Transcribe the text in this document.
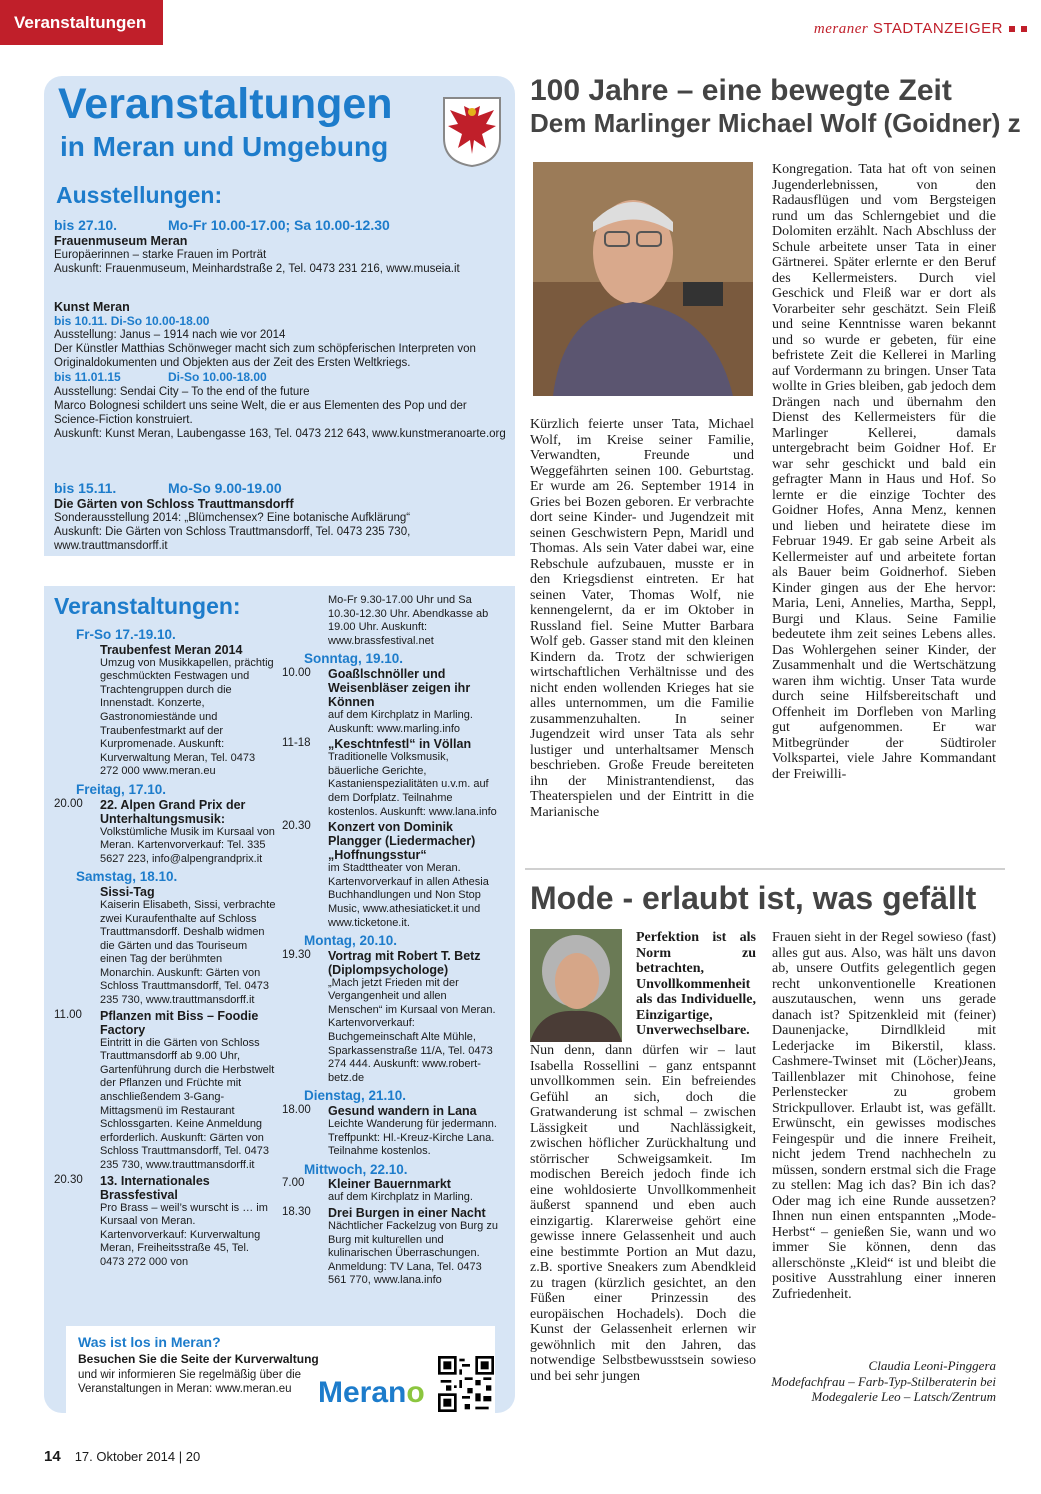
Veranstaltungen	meraner STADTANZEIGER
Veranstaltungen
in Meran und Umgebung
Ausstellungen:
bis 27.10.	Mo-Fr 10.00-17.00; Sa 10.00-12.30
Frauenmuseum Meran
Europäerinnen – starke Frauen im Porträt
Auskunft: Frauenmuseum, Meinhardstraße 2, Tel. 0473 231 216, www.museia.it
Kunst Meran
bis 10.11. Di-So 10.00-18.00
Ausstellung: Janus – 1914 nach wie vor 2014
Der Künstler Matthias Schönweger macht sich zum schöpferischen Interpreten von Originaldokumenten und Objekten aus der Zeit des Ersten Weltkriegs.
bis 11.01.15	Di-So 10.00-18.00
Ausstellung: Sendai City – To the end of the future
Marco Bolognesi schildert uns seine Welt, die er aus Elementen des Pop und der Science-Fiction konstruiert.
Auskunft: Kunst Meran, Laubengasse 163, Tel. 0473 212 643, www.kunstmeranoarte.org
bis 15.11.	Mo-So 9.00-19.00
Die Gärten von Schloss Trauttmansdorff
Sonderausstellung 2014: „Blümchensex? Eine botanische Aufklärung“
Auskunft: Die Gärten von Schloss Trauttmansdorff, Tel. 0473 235 730, www.trauttmansdorff.it
Veranstaltungen:
Fr-So 17.-19.10.
Traubenfest Meran 2014
Umzug von Musikkapellen, prächtig geschmückten Festwagen und Trachtengruppen durch die Innenstadt. Konzerte, Gastronomiestände und Traubenfestmarkt auf der Kurpromenade. Auskunft: Kurverwaltung Meran, Tel. 0473 272 000 www.meran.eu
Freitag, 17.10.
20.00 22. Alpen Grand Prix der Unterhaltungsmusik:
Volkstümliche Musik im Kursaal von Meran. Kartenvorverkauf: Tel. 335 5627 223, info@alpengrandprix.it
Samstag, 18.10.
Sissi-Tag
Kaiserin Elisabeth, Sissi, verbrachte zwei Kuraufenthalte auf Schloss Trauttmansdorff. Deshalb widmen die Gärten und das Touriseum einen Tag der berühmten Monarchin. Auskunft: Gärten von Schloss Trauttmansdorff, Tel. 0473 235 730, www.trauttmansdorff.it
11.00 Pflanzen mit Biss – Foodie Factory
Eintritt in die Gärten von Schloss Trauttmansdorff ab 9.00 Uhr, Gartenführung durch die Herbstwelt der Pflanzen und Früchte mit anschließendem 3-Gang-Mittagsmenü im Restaurant Schlossgarten. Keine Anmeldung erforderlich. Auskunft: Gärten von Schloss Trauttmansdorff, Tel. 0473 235 730, www.trauttmansdorff.it
20.30 13. Internationales Brassfestival
Pro Brass – weil’s wurscht is … im Kursaal von Meran. Kartenvorverkauf: Kurverwaltung Meran, Freiheitsstraße 45, Tel. 0473 272 000 von
Mo-Fr 9.30-17.00 Uhr und Sa 10.30-12.30 Uhr. Abendkasse ab 19.00 Uhr. Auskunft: www.brassfestival.net
Sonntag, 19.10.
10.00 Goaßlschnöller und Weisenbläser zeigen ihr Können
auf dem Kirchplatz in Marling. Auskunft: www.marling.info
11-18 „Keschtnfestl“ in Völlan
Traditionelle Volksmusik, bäuerliche Gerichte, Kastanienspezialitäten u.v.m. auf dem Dorfplatz. Teilnahme kostenlos. Auskunft: www.lana.info
20.30 Konzert von Dominik Plangger (Liedermacher) „Hoffnungsstur“
im Stadttheater von Meran. Kartenvorverkauf in allen Athesia Buchhandlungen und Non Stop Music, www.athesiaticket.it und www.ticketone.it.
Montag, 20.10.
19.30 Vortrag mit Robert T. Betz (Diplompsychologe)
„Mach jetzt Frieden mit der Vergangenheit und allen Menschen“ im Kursaal von Meran. Kartenvorverkauf: Buchgemeinschaft Alte Mühle, Sparkassenstraße 11/A, Tel. 0473 274 444. Auskunft: www.robert-betz.de
Dienstag, 21.10.
18.00 Gesund wandern in Lana
Leichte Wanderung für jedermann. Treffpunkt: Hl.-Kreuz-Kirche Lana. Teilnahme kostenlos.
Mittwoch, 22.10.
7.00 Kleiner Bauernmarkt
auf dem Kirchplatz in Marling.
18.30 Drei Burgen in einer Nacht
Nächtlicher Fackelzug von Burg zu Burg mit kulturellen und kulinarischen Überraschungen. Anmeldung: TV Lana, Tel. 0473 561 770, www.lana.info
Was ist los in Meran?
Besuchen Sie die Seite der Kurverwaltung
und wir informieren Sie regelmäßig über die Veranstaltungen in Meran: www.meran.eu Merano
100 Jahre – eine bewegte Zeit
Dem Marlinger Michael Wolf (Goidner) z

Kürzlich feierte unser Tata, Michael Wolf, im Kreise seiner Familie, Verwandten, Freunde und Weggefährten seinen 100. Geburtstag. Er wurde am 26. September 1914 in Gries bei Bozen geboren. Er verbrachte dort seine Kinder- und Jugendzeit mit seinen Geschwistern Pepn, Maridl und Thomas. Als sein Vater dabei war, eine Rebschule aufzubauen, musste er in den Kriegsdienst eintreten. Er hat seinen Vater, Thomas Wolf, nie kennengelernt, da er im Oktober in Russland fiel. Seine Mutter Barbara Wolf geb. Gasser stand mit den kleinen Kindern da. Trotz der schwierigen wirtschaftlichen Verhältnisse und des nicht enden wollenden Krieges hat sie alles unternommen, um die Familie zusammenzuhalten. In seiner Jugendzeit wird unser Tata als sehr lustiger und unterhaltsamer Mensch beschrieben. Große Freude bereiteten ihn der Ministrantendienst, das Theaterspielen und der Eintritt in die Marianische

Kongregation. Tata hat oft von seinen Jugenderlebnissen, von den Radausflügen und vom Bergsteigen rund um das Schlerngebiet und die Dolomiten erzählt. Nach Abschluss der Schule arbeitete unser Tata in einer Gärtnerei. Später erlernte er den Beruf des Kellermeisters. Durch viel Geschick und Fleiß war er dort als Vorarbeiter sehr geschätzt. Sein Fleiß und seine Kenntnisse waren bekannt und so wurde er gebeten, für eine befristete Zeit die Kellerei in Marling auf Vordermann zu bringen. Unser Tata wollte in Gries bleiben, gab jedoch dem Drängen nach und übernahm den Dienst des Kellermeisters für die Marlinger Kellerei, damals untergebracht beim Goidner Hof. Er war sehr geschickt und bald ein gefragter Mann in Haus und Hof. So lernte er die einzige Tochter des Goidner Hofes, Anna Menz, kennen und lieben und heiratete diese im Februar 1949. Er gab seine Arbeit als Kellermeister auf und arbeitete fortan als Bauer beim Goidnerhof. Sieben Kinder gingen aus der Ehe hervor: Maria, Leni, Annelies, Martha, Seppl, Burgi und Klaus. Seine Familie bedeutete ihm zeit seines Lebens alles. Das Wohlergehen seiner Kinder, der Zusammenhalt und die Wertschätzung waren ihm wichtig. Unser Tata wurde durch seine Hilfsbereitschaft und Offenheit im Dorfleben von Marling gut aufgenommen. Er war Mitbegründer der Südtiroler Volkspartei, viele Jahre Kommandant der Freiwilli-

Mode - erlaubt ist, was gefällt

Perfektion ist als Norm zu betrachten, Unvollkommenheit als das Individuelle, Einzigartige, Unverwechselbare.

Nun denn, dann dürfen wir – laut Isabella Rossellini – ganz entspannt unvollkommen sein. Ein befreiendes Gefühl an sich, doch die Gratwanderung ist schmal – zwischen Lässigkeit und Nachlässigkeit, zwischen höflicher Zurückhaltung und störrischer Schweigsamkeit. Im modischen Bereich jedoch finde ich eine wohldosierte Unvollkommenheit äußerst spannend und eben auch einzigartig. Klarerweise gehört eine gewisse innere Gelassenheit und auch eine bestimmte Portion an Mut dazu, z.B. sportive Sneakers zum Abendkleid zu tragen (kürzlich gesichtet, an den Füßen einer Prinzessin des europäischen Hochadels). Doch die Kunst der Gelassenheit erlernen wir gewöhnlich mit den Jahren, das notwendige Selbstbewusstsein sowieso und bei sehr jungen

Frauen sieht in der Regel sowieso (fast) alles gut aus. Also, was hält uns davon ab, unsere Outfits gelegentlich gegen recht unkonventionelle Kreationen auszutauschen, wenn uns gerade danach ist? Spitzenkleid mit (feiner) Daunenjacke, Dirndlkleid mit Lederjacke im Bikerstil, klass. Cashmere-Twinset mit (Löcher)Jeans, Taillenblazer mit Chinohose, feine Perlenstecker zu grobem Strickpullover. Erlaubt ist, was gefällt. Erwünscht, ein gewisses modisches Feingespür und die innere Freiheit, nicht jedem Trend nachhecheln zu müssen, sondern erstmal sich die Frage zu stellen: Mag ich das? Bin ich das? Oder mag ich eine Runde aussetzen? Ihnen nun einen entspannten „Mode-Herbst“ – genießen Sie, wann und wo immer Sie können, denn das allerschönste „Kleid“ ist und bleibt die positive Ausstrahlung einer inneren Zufriedenheit.

Claudia Leoni-Pinggera
Modefachfrau – Farb-Typ-Stilberaterin bei Modegalerie Leo – Latsch/Zentrum
14 17. Oktober 2014 | 20
